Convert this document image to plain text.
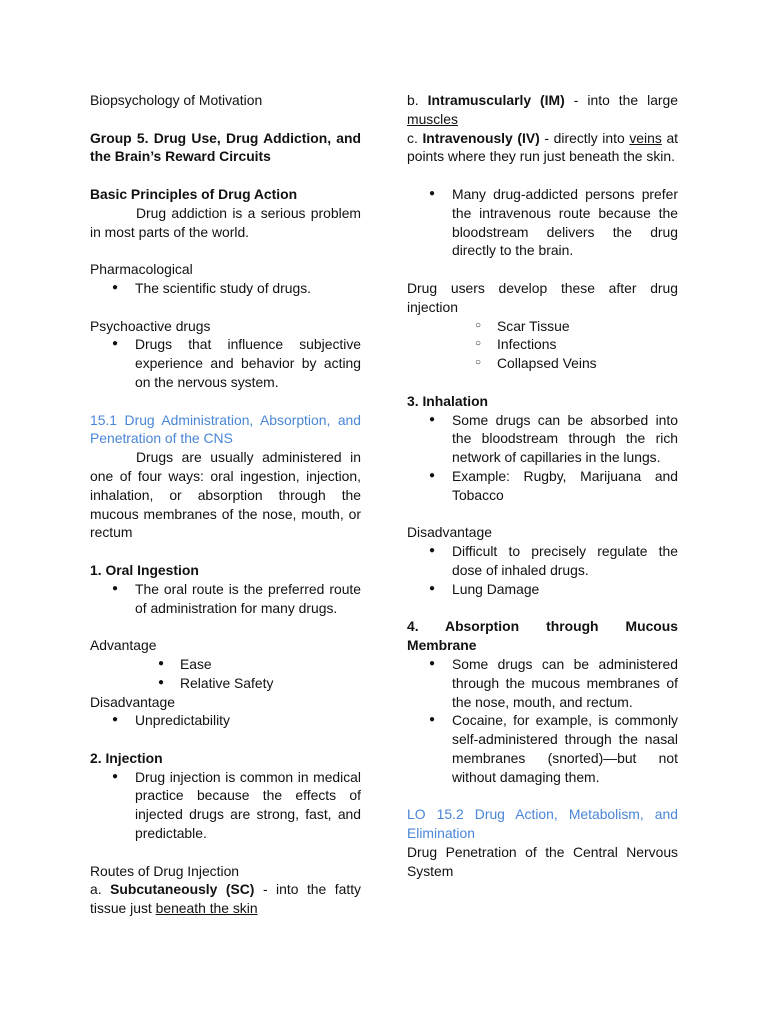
Biopsychology of Motivation

Group 5. Drug Use, Drug Addiction, and the Brain’s Reward Circuits

Basic Principles of Drug Action

Drug addiction is a serious problem in most parts of the world.

Pharmacological

● The scientific study of drugs.

Psychoactive drugs

● Drugs that influence subjective experience and behavior by acting on the nervous system.

15.1 Drug Administration, Absorption, and Penetration of the CNS

Drugs are usually administered in one of four ways: oral ingestion, injection, inhalation, or absorption through the mucous membranes of the nose, mouth, or rectum

1. Oral Ingestion

● The oral route is the preferred route of administration for many drugs.

Advantage

● Ease
● Relative Safety

Disadvantage

● Unpredictability

2. Injection

● Drug injection is common in medical practice because the effects of injected drugs are strong, fast, and predictable.

Routes of Drug Injection

a. Subcutaneously (SC) - into the fatty tissue just beneath the skin

b. Intramuscularly (IM) - into the large

muscles

c. Intravenously (IV) - directly into veins at points where they run just beneath the skin.

● Many drug-addicted persons prefer the intravenous route because the bloodstream delivers the drug directly to the brain.

Drug users develop these after drug injection

○ Scar Tissue
○ Infections
○ Collapsed Veins

3. Inhalation

● Some drugs can be absorbed into the bloodstream through the rich network of capillaries in the lungs.
● Example: Rugby, Marijuana and Tobacco

Disadvantage

● Difficult to precisely regulate the dose of inhaled drugs.
● Lung Damage

4. Absorption through Mucous Membrane

● Some drugs can be administered through the mucous membranes of the nose, mouth, and rectum.
● Cocaine, for example, is commonly self-administered through the nasal membranes (snorted)—but not without damaging them.

LO 15.2 Drug Action, Metabolism, and Elimination

Drug Penetration of the Central Nervous System
